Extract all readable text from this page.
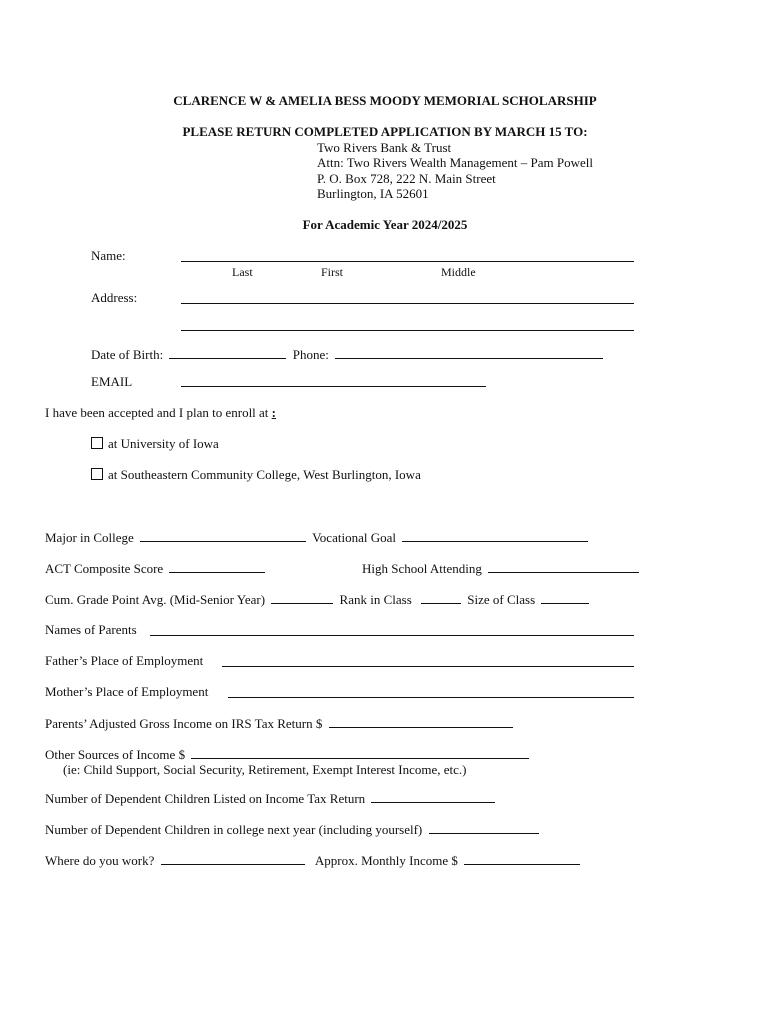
CLARENCE W & AMELIA BESS MOODY MEMORIAL SCHOLARSHIP
PLEASE RETURN COMPLETED APPLICATION BY MARCH 15 TO:
Two Rivers Bank & Trust
Attn: Two Rivers Wealth Management – Pam Powell
P. O. Box 728, 222 N. Main Street
Burlington, IA 52601
For Academic Year 2024/2025
Name:
Last	First	Middle
Address:
Date of Birth:	Phone:
EMAIL
I have been accepted and I plan to enroll at :
at University of Iowa
at Southeastern Community College, West Burlington, Iowa
Major in College	Vocational Goal
ACT Composite Score	High School Attending
Cum. Grade Point Avg. (Mid-Senior Year)	Rank in Class	Size of Class
Names of Parents
Father’s Place of Employment
Mother’s Place of Employment
Parents’ Adjusted Gross Income on IRS Tax Return $
Other Sources of Income $
(ie: Child Support, Social Security, Retirement, Exempt Interest Income, etc.)
Number of Dependent Children Listed on Income Tax Return
Number of Dependent Children in college next year (including yourself)
Where do you work?	Approx. Monthly Income $
